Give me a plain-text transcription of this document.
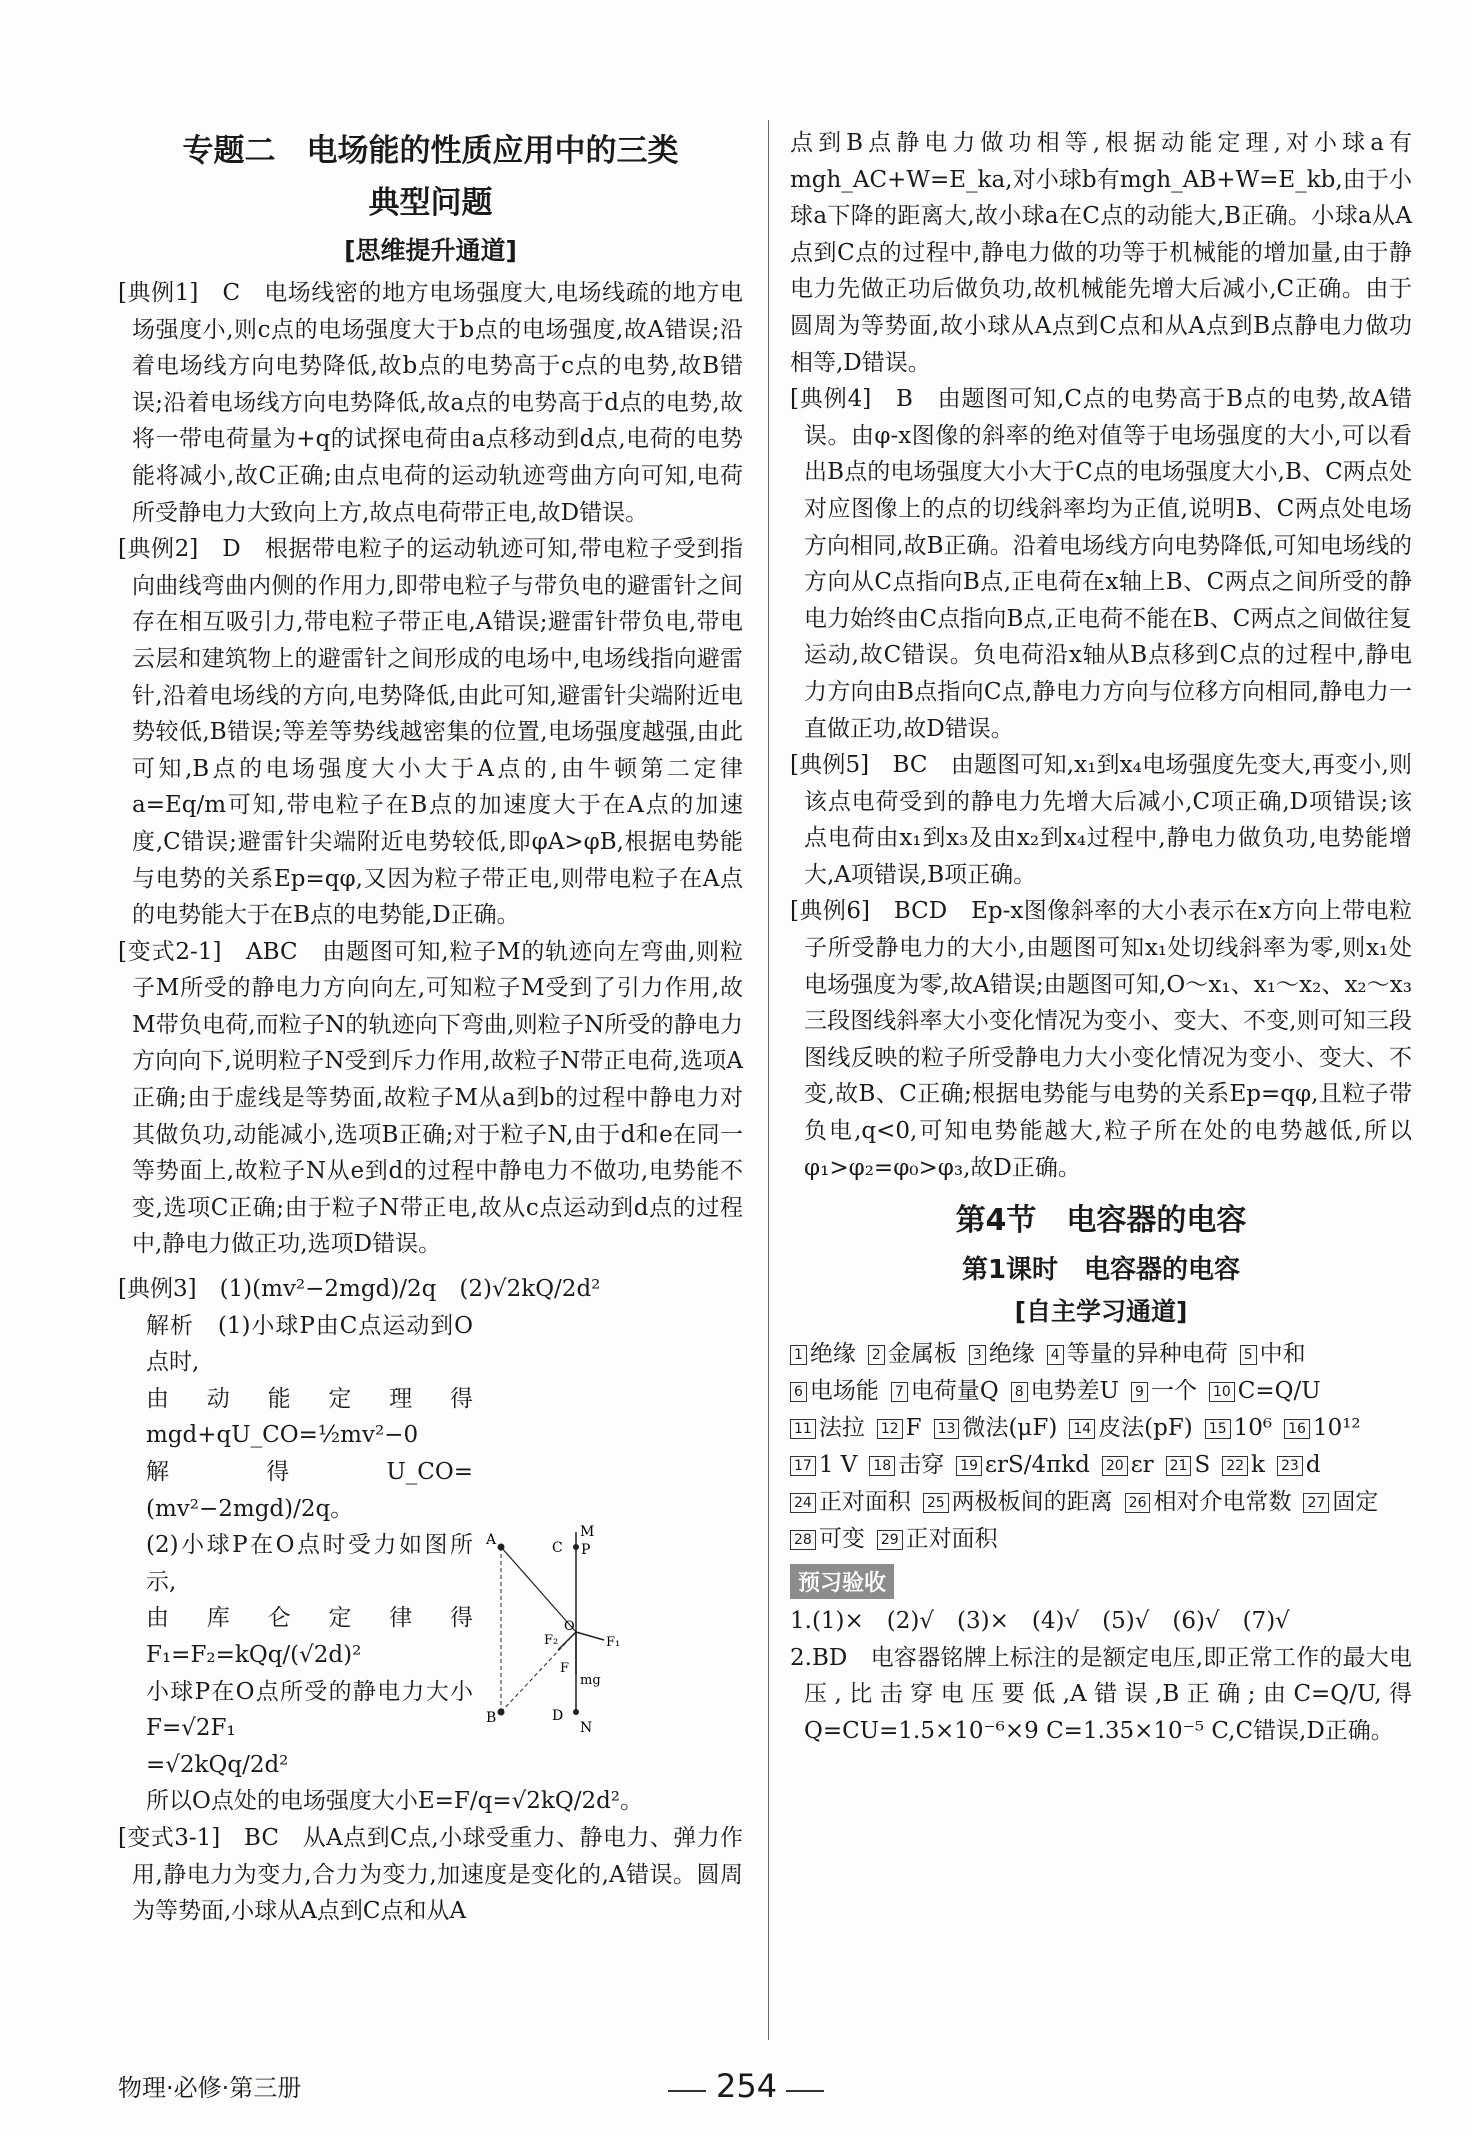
专题二　电场能的性质应用中的三类

典型问题

[思维提升通道]

[典例1]　C　电场线密的地方电场强度大,电场线疏的地方电场强度小,则c点的电场强度大于b点的电场强度,故A错误;沿着电场线方向电势降低,故b点的电势高于c点的电势,故B错误;沿着电场线方向电势降低,故a点的电势高于d点的电势,故将一带电荷量为+q的试探电荷由a点移动到d点,电荷的电势能将减小,故C正确;由点电荷的运动轨迹弯曲方向可知,电荷所受静电力大致向上方,故点电荷带正电,故D错误。

[典例2]　D　根据带电粒子的运动轨迹可知,带电粒子受到指向曲线弯曲内侧的作用力,即带电粒子与带负电的避雷针之间存在相互吸引力,带电粒子带正电,A错误;避雷针带负电,带电云层和建筑物上的避雷针之间形成的电场中,电场线指向避雷针,沿着电场线的方向,电势降低,由此可知,避雷针尖端附近电势较低,B错误;等差等势线越密集的位置,电场强度越强,由此可知,B点的电场强度大小大于A点的,由牛顿第二定律a=Eq/m可知,带电粒子在B点的加速度大于在A点的加速度,C错误;避雷针尖端附近电势较低,即φA>φB,根据电势能与电势的关系Ep=qφ,又因为粒子带正电,则带电粒子在A点的电势能大于在B点的电势能,D正确。

[变式2-1]　ABC　由题图可知,粒子M的轨迹向左弯曲,则粒子M所受的静电力方向向左,可知粒子M受到了引力作用,故M带负电荷,而粒子N的轨迹向下弯曲,则粒子N所受的静电力方向向下,说明粒子N受到斥力作用,故粒子N带正电荷,选项A正确;由于虚线是等势面,故粒子M从a到b的过程中静电力对其做负功,动能减小,选项B正确;对于粒子N,由于d和e在同一等势面上,故粒子N从e到d的过程中静电力不做功,电势能不变,选项C正确;由于粒子N带正电,故从c点运动到d点的过程中,静电力做正功,选项D错误。

[典例3]　(1)(mv²−2mgd)/2q　(2)√2kQ/2d²

解析　(1)小球P由C点运动到O点时,

由动能定理得mgd+qU_CO=½mv²−0

解得U_CO=(mv²−2mgd)/2q。

(2)小球P在O点时受力如图所示,

由库仑定律得F₁=F₂=kQq/(√2d)²

小球P在O点所受的静电力大小F=√2F₁

=√2kQq/2d²

所以O点处的电场强度大小E=F/q=√2kQ/2d²。

[变式3-1]　BC　从A点到C点,小球受重力、静电力、弹力作用,静电力为变力,合力为变力,加速度是变化的,A错误。圆周为等势面,小球从A点到C点和从A

A
B
C
D
M
N
P
O
F₁
F₂
F
mg

点到B点静电力做功相等,根据动能定理,对小球a有mgh_AC+W=E_ka,对小球b有mgh_AB+W=E_kb,由于小球a下降的距离大,故小球a在C点的动能大,B正确。小球a从A点到C点的过程中,静电力做的功等于机械能的增加量,由于静电力先做正功后做负功,故机械能先增大后减小,C正确。由于圆周为等势面,故小球从A点到C点和从A点到B点静电力做功相等,D错误。

[典例4]　B　由题图可知,C点的电势高于B点的电势,故A错误。由φ-x图像的斜率的绝对值等于电场强度的大小,可以看出B点的电场强度大小大于C点的电场强度大小,B、C两点处对应图像上的点的切线斜率均为正值,说明B、C两点处电场方向相同,故B正确。沿着电场线方向电势降低,可知电场线的方向从C点指向B点,正电荷在x轴上B、C两点之间所受的静电力始终由C点指向B点,正电荷不能在B、C两点之间做往复运动,故C错误。负电荷沿x轴从B点移到C点的过程中,静电力方向由B点指向C点,静电力方向与位移方向相同,静电力一直做正功,故D错误。

[典例5]　BC　由题图可知,x₁到x₄电场强度先变大,再变小,则该点电荷受到的静电力先增大后减小,C项正确,D项错误;该点电荷由x₁到x₃及由x₂到x₄过程中,静电力做负功,电势能增大,A项错误,B项正确。

[典例6]　BCD　Ep-x图像斜率的大小表示在x方向上带电粒子所受静电力的大小,由题图可知x₁处切线斜率为零,则x₁处电场强度为零,故A错误;由题图可知,O～x₁、x₁～x₂、x₂～x₃三段图线斜率大小变化情况为变小、变大、不变,则可知三段图线反映的粒子所受静电力大小变化情况为变小、变大、不变,故B、C正确;根据电势能与电势的关系Ep=qφ,且粒子带负电,q<0,可知电势能越大,粒子所在处的电势越低,所以φ₁>φ₂=φ₀>φ₃,故D正确。

第4节　电容器的电容

第1课时　电容器的电容

[自主学习通道]

1 绝缘 2 金属板 3 绝缘 4 等量的异种电荷 5 中和6 电场能 7 电荷量Q 8 电势差U 9 一个 10 C=Q/U11 法拉 12 F 13 微法(μF) 14 皮法(pF) 15 10⁶ 16 10¹²17 1 V 18 击穿 19 εrS/4πkd 20 εr 21 S 22 k 23 d24 正对面积 25 两极板间的距离 26 相对介电常数 27 固定28 可变 29 正对面积
预习验收

1.(1)×　(2)√　(3)×　(4)√　(5)√　(6)√　(7)√

2.BD　电容器铭牌上标注的是额定电压,即正常工作的最大电压,比击穿电压要低,A错误,B正确;由C=Q/U,得Q=CU=1.5×10⁻⁶×9 C=1.35×10⁻⁵ C,C错误,D正确。

物理·必修·第三册	254
